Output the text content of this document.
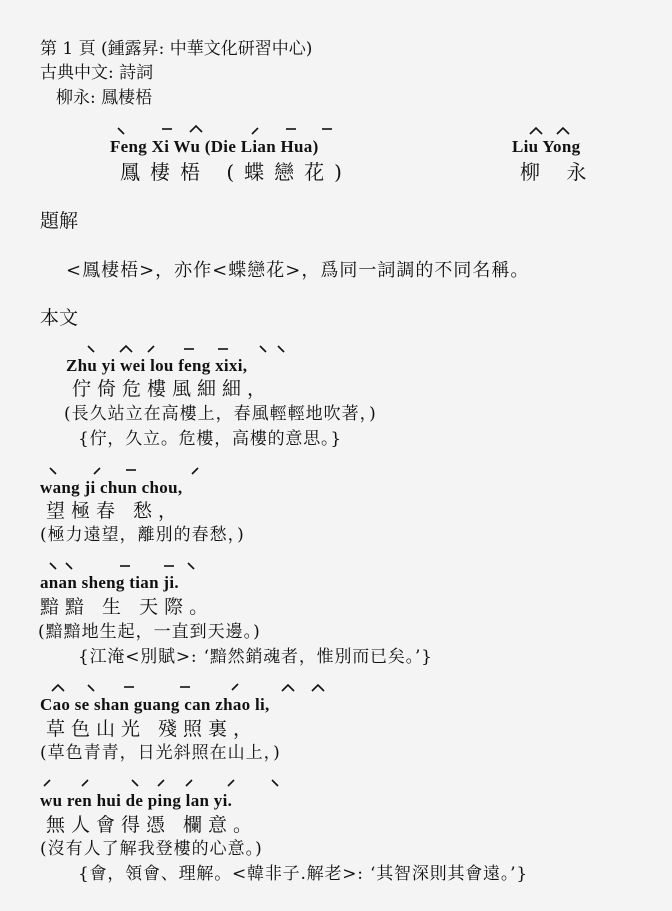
第 1 頁 (鍾露昇: 中華文化研習中心)
古典中文: 詩詞
柳永: 鳳棲梧
Feng Xi Wu (Die Lian Hua)
鳳棲梧 (蝶戀花)
Liu Yong
柳 永
題解
<鳳棲梧>，亦作<蝶戀花>，爲同一詞調的不同名稱。
本文
Zhu yi wei lou feng xixi,
佇倚危樓風細細，
(長久站立在高樓上，春風輕輕地吹著，)
{佇，久立。危樓，高樓的意思。}
wang ji chun chou,
望極春 愁，
(極力遠望，離別的春愁，)
anan sheng tian ji.
黯黯 生 天際。
(黯黯地生起，一直到天邊。)
{江淹<別賦>: ‘黯然銷魂者，惟別而已矣。’}
Cao se shan guang can zhao li,
草色山光 殘照裏，
(草色青青，日光斜照在山上，)
wu ren hui de ping lan yi.
無人會得憑 欄意。
(沒有人了解我登樓的心意。)
{會，領會、理解。<韓非子.解老>: ‘其智深則其會遠。’}
